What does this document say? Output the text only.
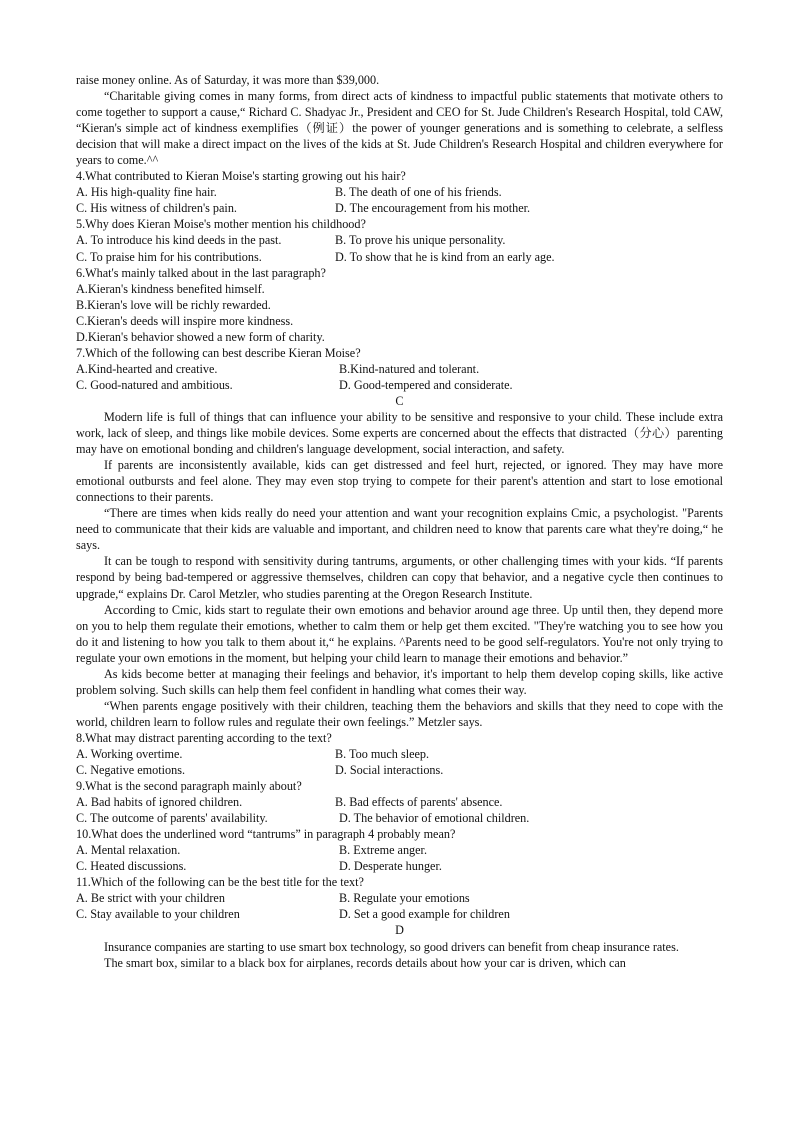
raise money online. As of Saturday, it was more than $39,000.

“Charitable giving comes in many forms, from direct acts of kindness to impactful public statements that motivate others to come together to support a cause,“ Richard C. Shadyac Jr., President and CEO for St. Jude Children's Research Hospital, told CAW, “Kieran's simple act of kindness exemplifies（例证）the power of younger generations and is something to celebrate, a selfless decision that will make a direct impact on the lives of the kids at St. Jude Children's Research Hospital and children everywhere for years to come.^^

4.What contributed to Kieran Moise's starting growing out his hair?
A. His high-quality fine hair.	B. The death of one of his friends.
C. His witness of children's pain.	D. The encouragement from his mother.
5.Why does Kieran Moise's mother mention his childhood?
A. To introduce his kind deeds in the past.	B. To prove his unique personality.
C. To praise him for his contributions.	D. To show that he is kind from an early age.
6.What's mainly talked about in the last paragraph?
A.Kieran's kindness benefited himself.
B.Kieran's love will be richly rewarded.
C.Kieran's deeds will inspire more kindness.
D.Kieran's behavior showed a new form of charity.
7.Which of the following can best describe Kieran Moise?
A.Kind-hearted and creative.	B.Kind-natured and tolerant.
C. Good-natured and ambitious.	D. Good-tempered and considerate.
C

Modern life is full of things that can influence your ability to be sensitive and responsive to your child. These include extra work, lack of sleep, and things like mobile devices. Some experts are concerned about the effects that distracted（分心）parenting may have on emotional bonding and children's language development, social interaction, and safety.

If parents are inconsistently available, kids can get distressed and feel hurt, rejected, or ignored. They may have more emotional outbursts and feel alone. They may even stop trying to compete for their parent's attention and start to lose emotional connections to their parents.

“There are times when kids really do need your attention and want your recognition explains Cmic, a psychologist. "Parents need to communicate that their kids are valuable and important, and children need to know that parents care what they're doing,“ he says.

It can be tough to respond with sensitivity during tantrums, arguments, or other challenging times with your kids. “If parents respond by being bad-tempered or aggressive themselves, children can copy that behavior, and a negative cycle then continues to upgrade,“ explains Dr. Carol Metzler, who studies parenting at the Oregon Research Institute.

According to Cmic, kids start to regulate their own emotions and behavior around age three. Up until then, they depend more on you to help them regulate their emotions, whether to calm them or help get them excited. "They're watching you to see how you do it and listening to how you talk to them about it,“ he explains. ^Parents need to be good self-regulators. You're not only trying to regulate your own emotions in the moment, but helping your child learn to manage their emotions and behavior.”

As kids become better at managing their feelings and behavior, it's important to help them develop coping skills, like active problem solving. Such skills can help them feel confident in handling what comes their way.

“When parents engage positively with their children, teaching them the behaviors and skills that they need to cope with the world, children learn to follow rules and regulate their own feelings.” Metzler says.

8.What may distract parenting according to the text?
A. Working overtime.	B. Too much sleep.
C. Negative emotions.	D. Social interactions.
9.What is the second paragraph mainly about?
A. Bad habits of ignored children.	B. Bad effects of parents' absence.
C. The outcome of parents' availability.	D. The behavior of emotional children.
10.What does the underlined word “tantrums” in paragraph 4 probably mean?
A. Mental relaxation.	B. Extreme anger.
C. Heated discussions.	D. Desperate hunger.
11.Which of the following can be the best title for the text?
A. Be strict with your children	B. Regulate your emotions
C. Stay available to your children	D. Set a good example for children
D

Insurance companies are starting to use smart box technology, so good drivers can benefit from cheap insurance rates.

The smart box, similar to a black box for airplanes, records details about how your car is driven, which can
